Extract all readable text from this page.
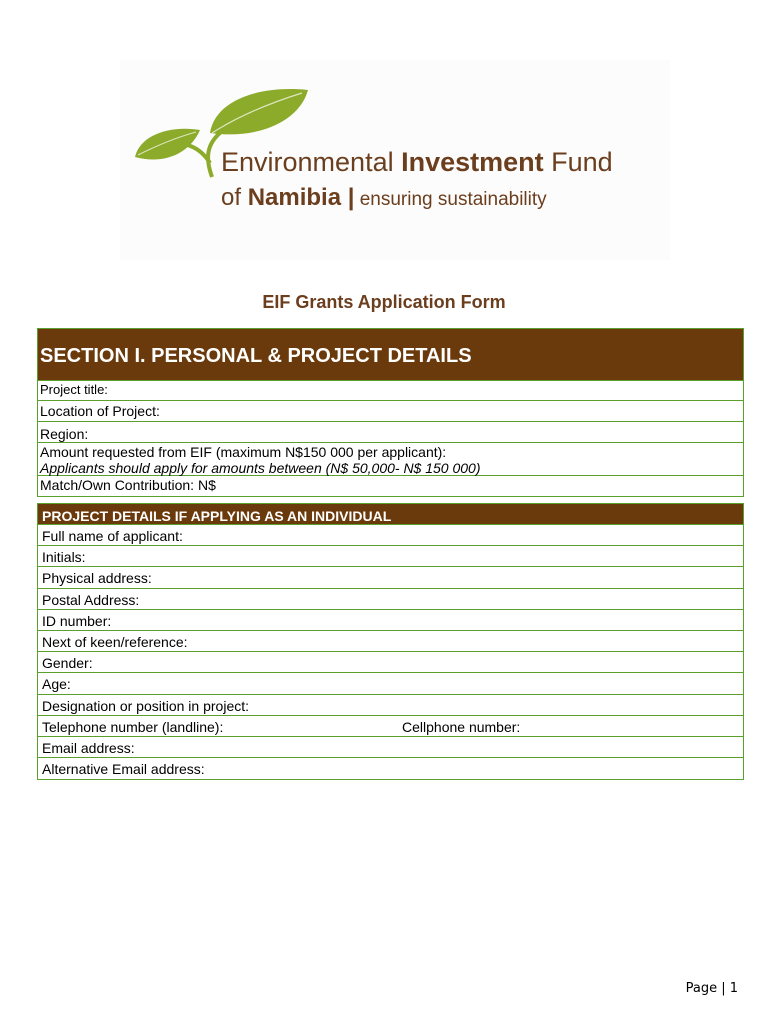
Environmental Investment Fund
of Namibia | ensuring sustainability
EIF Grants Application Form
SECTION I. PERSONAL & PROJECT DETAILS
Project title:
Location of Project:
Region:
Amount requested from EIF (maximum N$150 000 per applicant):
Applicants should apply for amounts between (N$ 50,000- N$ 150 000)
Match/Own Contribution: N$
PROJECT DETAILS IF APPLYING AS AN INDIVIDUAL
Full name of applicant:
Initials:
Physical address:
Postal Address:
ID number:
Next of keen/reference:
Gender:
Age:
Designation or position in project:
Telephone number (landline):	Cellphone number:
Email address:
Alternative Email address:
Page | 1
